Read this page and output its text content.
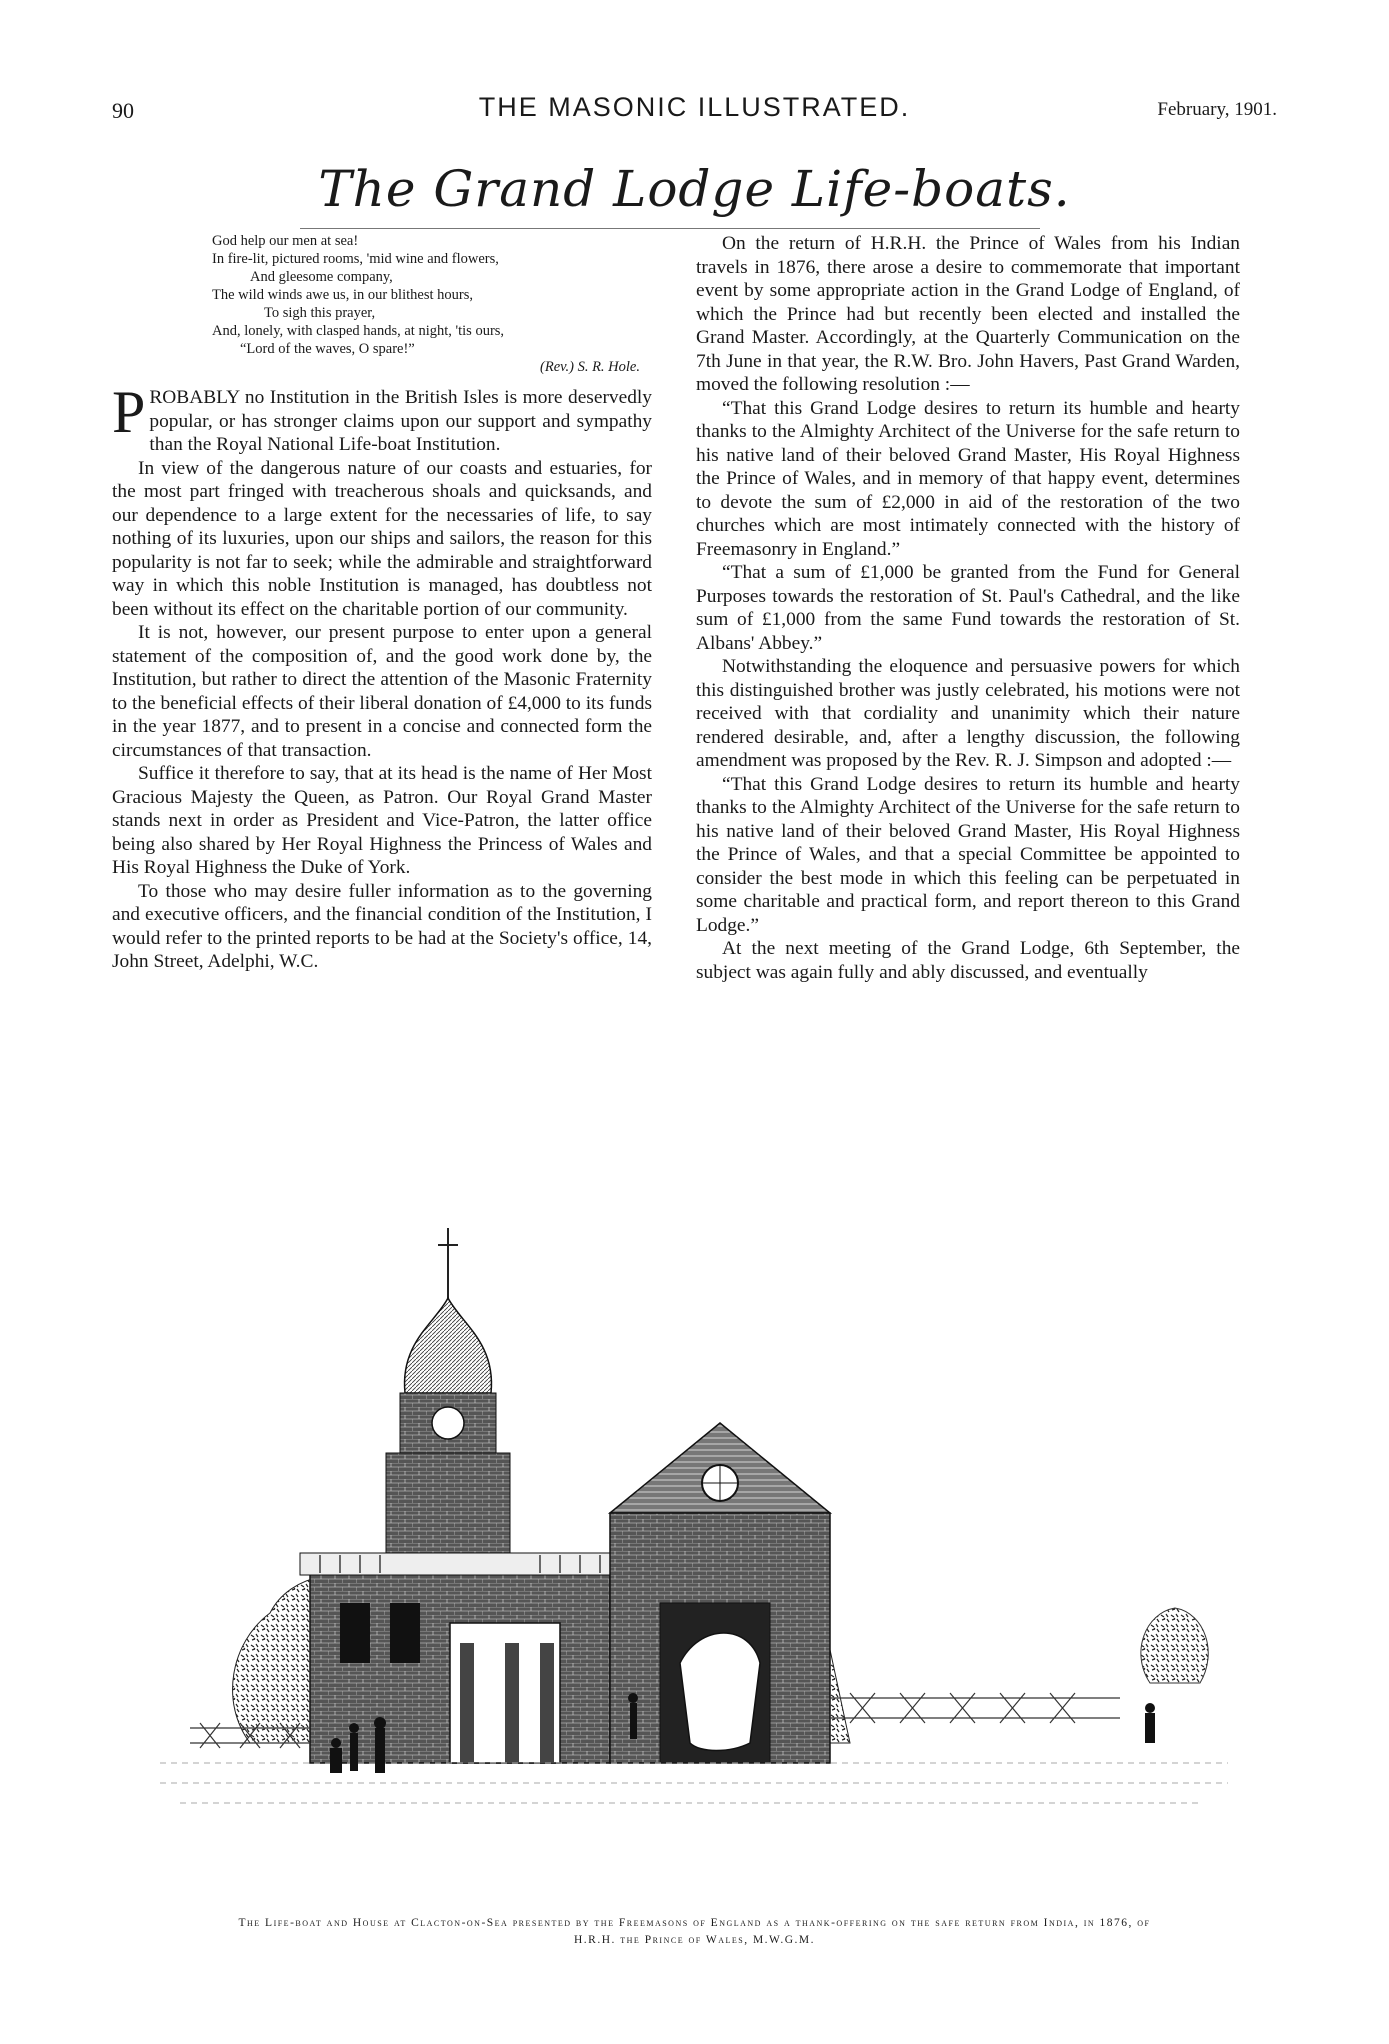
90	THE MASONIC ILLUSTRATED.	February, 1901.
The Grand Lodge Life-boats.
God help our men at sea!
In fire-lit, pictured rooms, 'mid wine and flowers,
And gleesome company,
The wild winds awe us, in our blithest hours,
To sigh this prayer,
And, lonely, with clasped hands, at night, 'tis ours,
“Lord of the waves, O spare!”
(Rev.) S. R. Hole.

PROBABLY no Institution in the British Isles is more deservedly popular, or has stronger claims upon our support and sympathy than the Royal National Life-boat Institution.

In view of the dangerous nature of our coasts and estuaries, for the most part fringed with treacherous shoals and quicksands, and our dependence to a large extent for the necessaries of life, to say nothing of its luxuries, upon our ships and sailors, the reason for this popularity is not far to seek; while the admirable and straightforward way in which this noble Institution is managed, has doubtless not been without its effect on the charitable portion of our community.

It is not, however, our present purpose to enter upon a general statement of the composition of, and the good work done by, the Institution, but rather to direct the attention of the Masonic Fraternity to the beneficial effects of their liberal donation of £4,000 to its funds in the year 1877, and to present in a concise and connected form the circumstances of that transaction.

Suffice it therefore to say, that at its head is the name of Her Most Gracious Majesty the Queen, as Patron. Our Royal Grand Master stands next in order as President and Vice-Patron, the latter office being also shared by Her Royal Highness the Princess of Wales and His Royal Highness the Duke of York.

To those who may desire fuller information as to the governing and executive officers, and the financial condition of the Institution, I would refer to the printed reports to be had at the Society's office, 14, John Street, Adelphi, W.C.

On the return of H.R.H. the Prince of Wales from his Indian travels in 1876, there arose a desire to commemorate that important event by some appropriate action in the Grand Lodge of England, of which the Prince had but recently been elected and installed the Grand Master. Accordingly, at the Quarterly Communication on the 7th June in that year, the R.W. Bro. John Havers, Past Grand Warden, moved the following resolution :—

“That this Grand Lodge desires to return its humble and hearty thanks to the Almighty Architect of the Universe for the safe return to his native land of their beloved Grand Master, His Royal Highness the Prince of Wales, and in memory of that happy event, determines to devote the sum of £2,000 in aid of the restoration of the two churches which are most intimately connected with the history of Freemasonry in England.”

“That a sum of £1,000 be granted from the Fund for General Purposes towards the restoration of St. Paul's Cathedral, and the like sum of £1,000 from the same Fund towards the restoration of St. Albans' Abbey.”

Notwithstanding the eloquence and persuasive powers for which this distinguished brother was justly celebrated, his motions were not received with that cordiality and unanimity which their nature rendered desirable, and, after a lengthy discussion, the following amendment was proposed by the Rev. R. J. Simpson and adopted :—

“That this Grand Lodge desires to return its humble and hearty thanks to the Almighty Architect of the Universe for the safe return to his native land of their beloved Grand Master, His Royal Highness the Prince of Wales, and that a special Committee be appointed to consider the best mode in which this feeling can be perpetuated in some charitable and practical form, and report thereon to this Grand Lodge.”

At the next meeting of the Grand Lodge, 6th September, the subject was again fully and ably discussed, and eventually

The Life-boat and House at Clacton-on-Sea presented by the Freemasons of England as a thank-offering on the safe return from India, in 1876, of
H.R.H. the Prince of Wales, M.W.G.M.
